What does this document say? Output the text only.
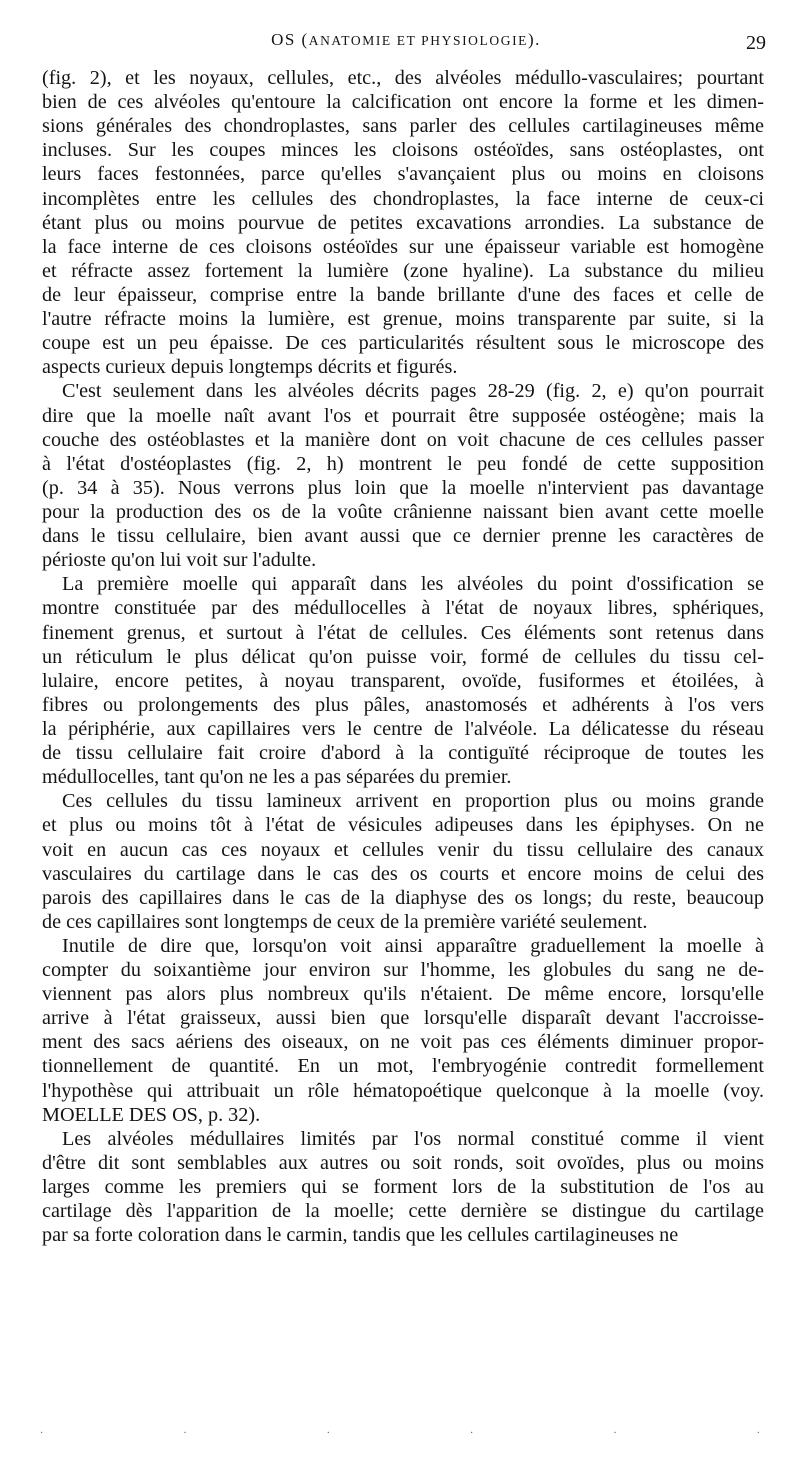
OS (ANATOMIE ET PHYSIOLOGIE).	29
(fig. 2), et les noyaux, cellules, etc., des alvéoles médullo-vasculaires; pourtant
bien de ces alvéoles qu'entoure la calcification ont encore la forme et les dimen-
sions générales des chondroplastes, sans parler des cellules cartilagineuses même
incluses. Sur les coupes minces les cloisons ostéoïdes, sans ostéoplastes, ont
leurs faces festonnées, parce qu'elles s'avançaient plus ou moins en cloisons
incomplètes entre les cellules des chondroplastes, la face interne de ceux-ci
étant plus ou moins pourvue de petites excavations arrondies. La substance de
la face interne de ces cloisons ostéoïdes sur une épaisseur variable est homogène
et réfracte assez fortement la lumière (zone hyaline). La substance du milieu
de leur épaisseur, comprise entre la bande brillante d'une des faces et celle de
l'autre réfracte moins la lumière, est grenue, moins transparente par suite, si la
coupe est un peu épaisse. De ces particularités résultent sous le microscope des
aspects curieux depuis longtemps décrits et figurés.
C'est seulement dans les alvéoles décrits pages 28-29 (fig. 2, e) qu'on pourrait
dire que la moelle naît avant l'os et pourrait être supposée ostéogène; mais la
couche des ostéoblastes et la manière dont on voit chacune de ces cellules passer
à l'état d'ostéoplastes (fig. 2, h) montrent le peu fondé de cette supposition
(p. 34 à 35). Nous verrons plus loin que la moelle n'intervient pas davantage
pour la production des os de la voûte crânienne naissant bien avant cette moelle
dans le tissu cellulaire, bien avant aussi que ce dernier prenne les caractères de
périoste qu'on lui voit sur l'adulte.
La première moelle qui apparaît dans les alvéoles du point d'ossification se
montre constituée par des médullocelles à l'état de noyaux libres, sphériques,
finement grenus, et surtout à l'état de cellules. Ces éléments sont retenus dans
un réticulum le plus délicat qu'on puisse voir, formé de cellules du tissu cel-
lulaire, encore petites, à noyau transparent, ovoïde, fusiformes et étoilées, à
fibres ou prolongements des plus pâles, anastomosés et adhérents à l'os vers
la périphérie, aux capillaires vers le centre de l'alvéole. La délicatesse du réseau
de tissu cellulaire fait croire d'abord à la contiguïté réciproque de toutes les
médullocelles, tant qu'on ne les a pas séparées du premier.
Ces cellules du tissu lamineux arrivent en proportion plus ou moins grande
et plus ou moins tôt à l'état de vésicules adipeuses dans les épiphyses. On ne
voit en aucun cas ces noyaux et cellules venir du tissu cellulaire des canaux
vasculaires du cartilage dans le cas des os courts et encore moins de celui des
parois des capillaires dans le cas de la diaphyse des os longs; du reste, beaucoup
de ces capillaires sont longtemps de ceux de la première variété seulement.
Inutile de dire que, lorsqu'on voit ainsi apparaître graduellement la moelle à
compter du soixantième jour environ sur l'homme, les globules du sang ne de-
viennent pas alors plus nombreux qu'ils n'étaient. De même encore, lorsqu'elle
arrive à l'état graisseux, aussi bien que lorsqu'elle disparaît devant l'accroisse-
ment des sacs aériens des oiseaux, on ne voit pas ces éléments diminuer propor-
tionnellement de quantité. En un mot, l'embryogénie contredit formellement
l'hypothèse qui attribuait un rôle hématopoétique quelconque à la moelle (voy.
MOELLE DES OS, p. 32).
Les alvéoles médullaires limités par l'os normal constitué comme il vient
d'être dit sont semblables aux autres ou soit ronds, soit ovoïdes, plus ou moins
larges comme les premiers qui se forment lors de la substitution de l'os au
cartilage dès l'apparition de la moelle; cette dernière se distingue du cartilage
par sa forte coloration dans le carmin, tandis que les cellules cartilagineuses ne
·	·	·	·	·	·
